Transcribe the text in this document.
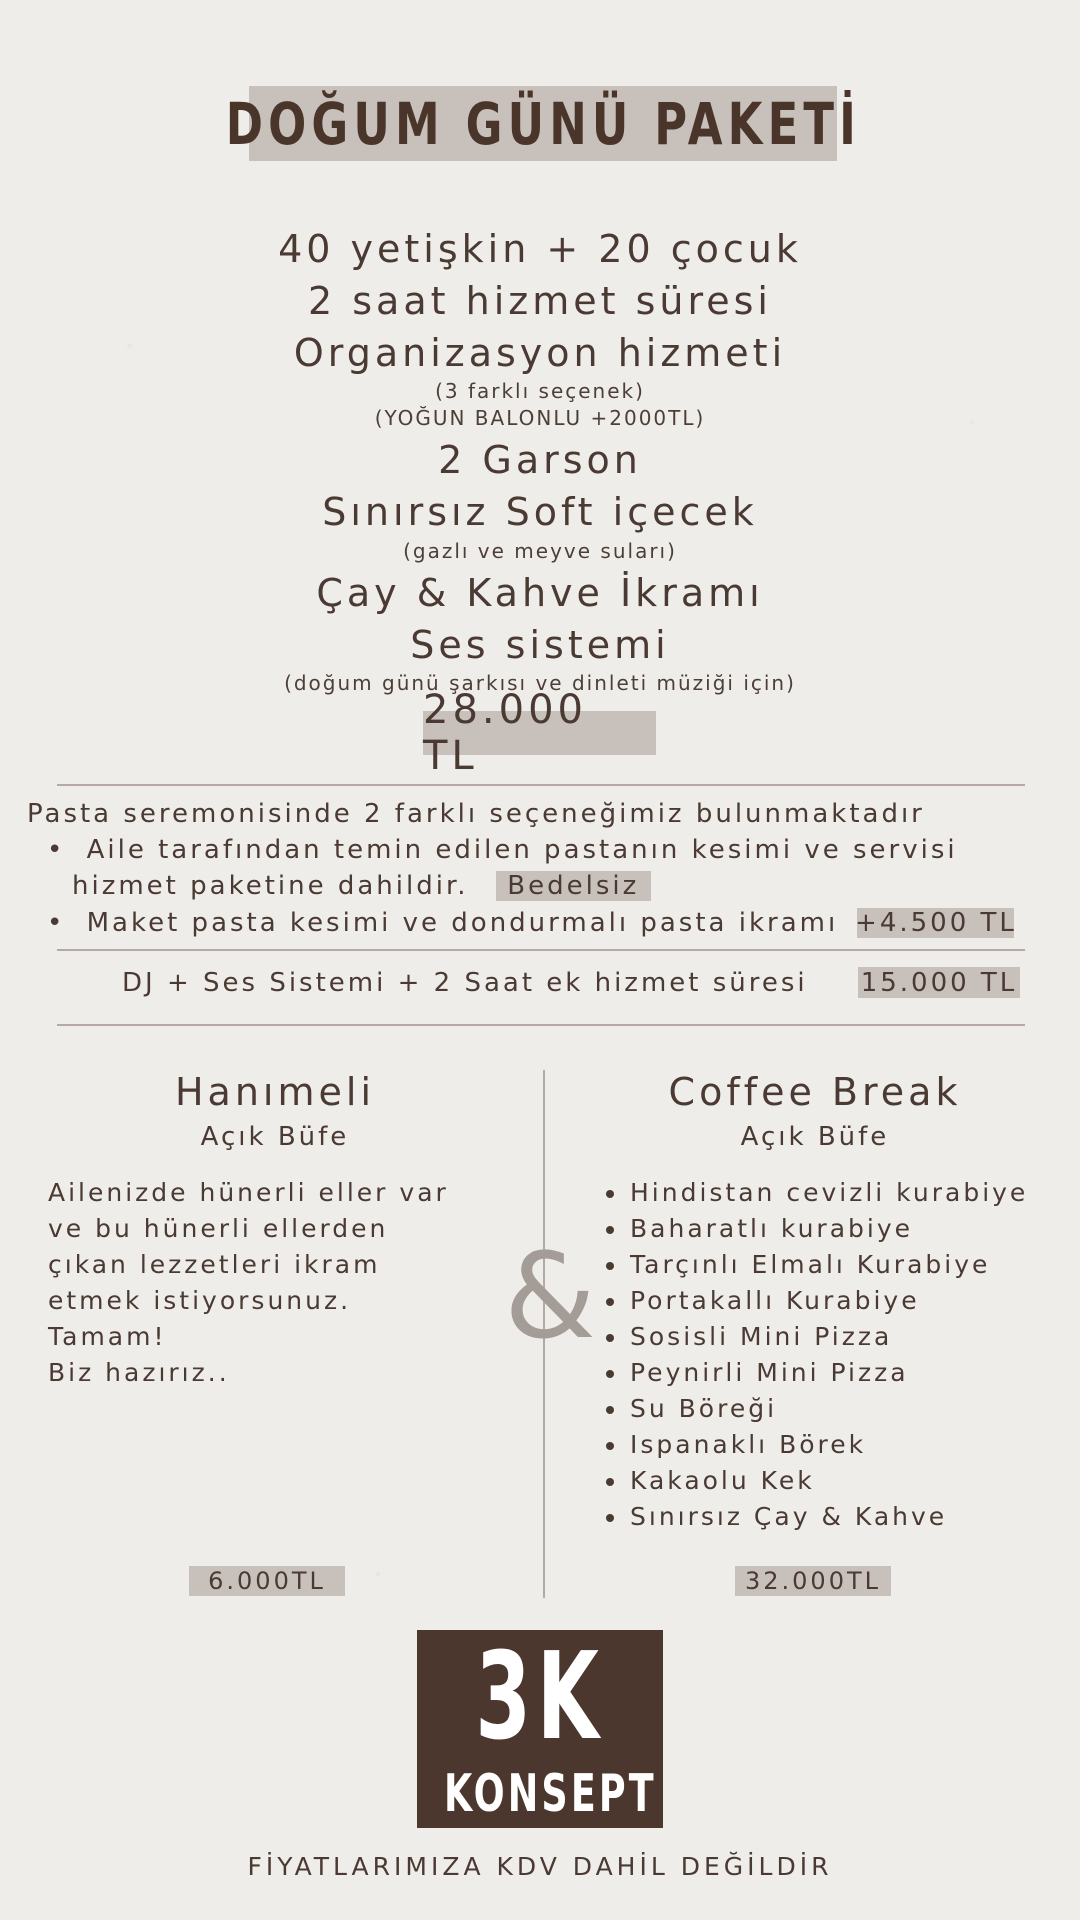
DOĞUM GÜNÜ PAKETİ
40 yetişkin + 20 çocuk
2 saat hizmet süresi
Organizasyon hizmeti
(3 farklı seçenek)
(YOĞUN BALONLU +2000TL)
2 Garson
Sınırsız Soft içecek
(gazlı ve meyve suları)
Çay & Kahve İkramı
Ses sistemi
(doğum günü şarkısı ve dinleti müziği için)
28.000 TL
Pasta seremonisinde 2 farklı seçeneğimiz bulunmaktadır
• Aile tarafından temin edilen pastanın kesimi ve servisi
hizmet paketine dahildir. Bedelsiz
• Maket pasta kesimi ve dondurmalı pasta ikramı +4.500 TL
DJ + Ses Sistemi + 2 Saat ek hizmet süresi 15.000 TL
Hanımeli
Açık Büfe
Coffee Break
Açık Büfe
&
Ailenizde hünerli eller var
ve bu hünerli ellerden
çıkan lezzetleri ikram
etmek istiyorsunuz.
Tamam!
Biz hazırız..
Hindistan cevizli kurabiye
Baharatlı kurabiye
Tarçınlı Elmalı Kurabiye
Portakallı Kurabiye
Sosisli Mini Pizza
Peynirli Mini Pizza
Su Böreği
Ispanaklı Börek
Kakaolu Kek
Sınırsız Çay & Kahve
6.000TL	32.000TL
3K
KONSEPT
FİYATLARIMIZA KDV DAHİL DEĞİLDİR
